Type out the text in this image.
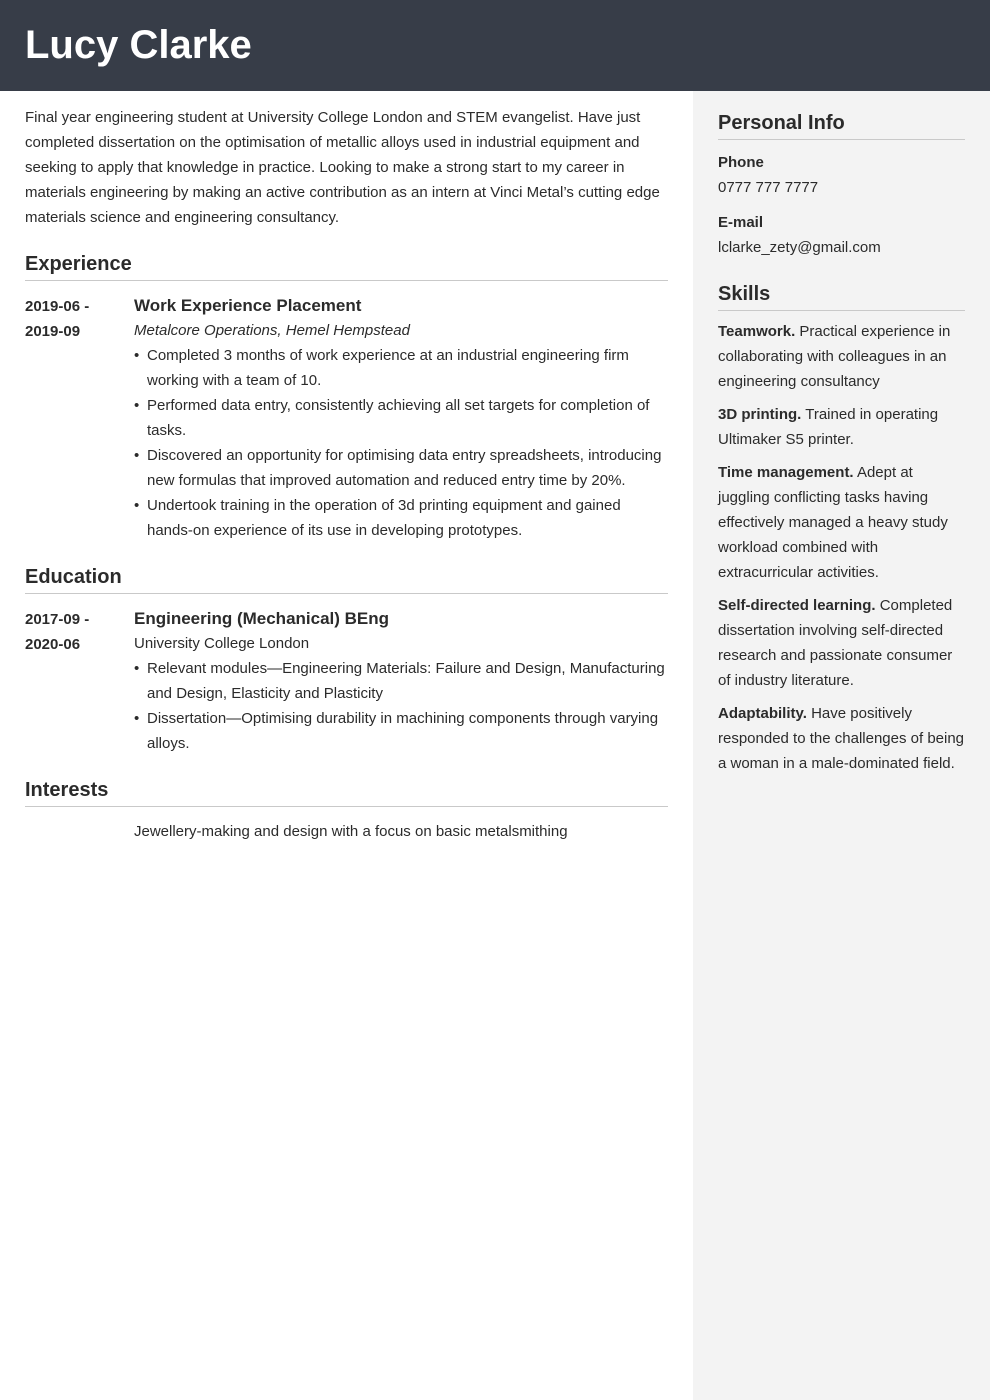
Lucy Clarke

Final year engineering student at University College London and STEM evangelist. Have just completed dissertation on the optimisation of metallic alloys used in industrial equipment and seeking to apply that knowledge in practice. Looking to make a strong start to my career in materials engineering by making an active contribution as an intern at Vinci Metal’s cutting edge materials science and engineering consultancy.

Experience
2019-06 -
2019-09
Work Experience Placement
Metalcore Operations, Hemel Hempstead
• Completed 3 months of work experience at an industrial engineering firm working with a team of 10.
• Performed data entry, consistently achieving all set targets for completion of tasks.
• Discovered an opportunity for optimising data entry spreadsheets, introducing new formulas that improved automation and reduced entry time by 20%.
• Undertook training in the operation of 3d printing equipment and gained hands-on experience of its use in developing prototypes.
Education
2017-09 -
2020-06
Engineering (Mechanical) BEng
University College London
• Relevant modules—Engineering Materials: Failure and Design, Manufacturing and Design, Elasticity and Plasticity
• Dissertation—Optimising durability in machining components through varying alloys.
Interests
Jewellery-making and design with a focus on basic metalsmithing
Personal Info
Phone
0777 777 7777
E-mail
lclarke_zety@gmail.com
Skills
Teamwork. Practical experience in collaborating with colleagues in an engineering consultancy
3D printing. Trained in operating Ultimaker S5 printer.
Time management. Adept at juggling conflicting tasks having effectively managed a heavy study workload combined with extracurricular activities.
Self-directed learning. Completed dissertation involving self-directed research and passionate consumer of industry literature.
Adaptability. Have positively responded to the challenges of being a woman in a male-dominated field.
